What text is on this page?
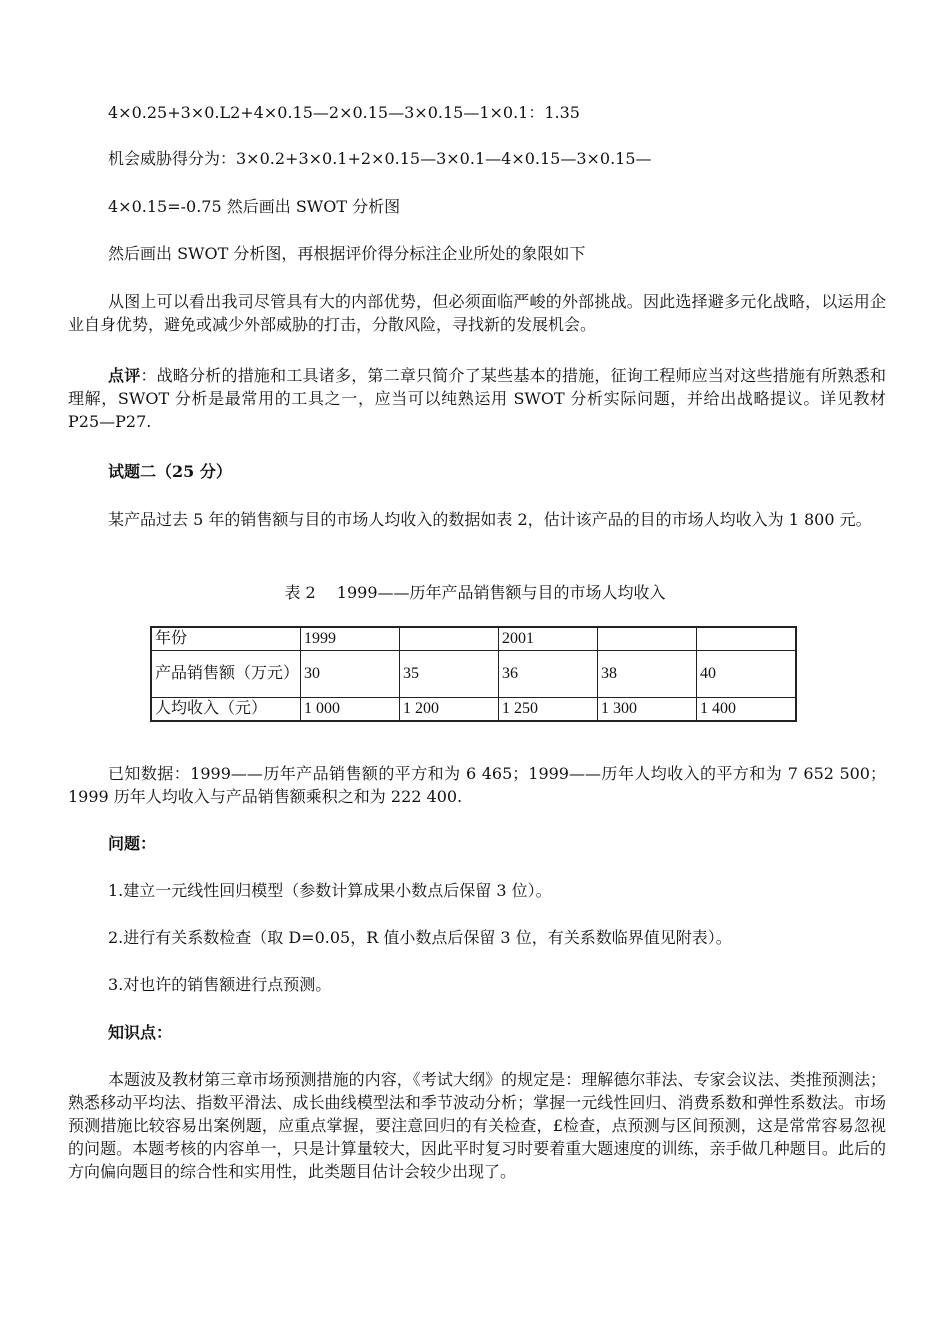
4×0.25+3×0.L2+4×0.15—2×0.15—3×0.15—1×0.1：1.35
机会威胁得分为：3×0.2+3×0.1+2×0.15—3×0.1—4×0.15—3×0.15—
4×0.15=-0.75 然后画出 SWOT 分析图
然后画出 SWOT 分析图，再根据评价得分标注企业所处的象限如下
从图上可以看出我司尽管具有大的内部优势，但必须面临严峻的外部挑战。因此选择避多元化战略，以运用企业自身优势，避免或减少外部威胁的打击，分散风险，寻找新的发展机会。
点评：战略分析的措施和工具诸多，第二章只简介了某些基本的措施，征询工程师应当对这些措施有所熟悉和理解，SWOT 分析是最常用的工具之一，应当可以纯熟运用 SWOT 分析实际问题，并给出战略提议。详见教材 P25—P27.
试题二（25 分）
某产品过去 5 年的销售额与目的市场人均收入的数据如表 2，估计该产品的目的市场人均收入为 1 800 元。
表 2　 1999——历年产品销售额与目的市场人均收入
年份	1999		2001		
产品销售额（万元）	30	35	36	38	40
人均收入（元）	1 000	1 200	1 250	1 300	1 400
已知数据：1999——历年产品销售额的平方和为 6 465；1999——历年人均收入的平方和为 7 652 500；1999 历年人均收入与产品销售额乘积之和为 222 400.
问题：
1.建立一元线性回归模型（参数计算成果小数点后保留 3 位）。
2.进行有关系数检查（取 D=0.05，R 值小数点后保留 3 位，有关系数临界值见附表）。
3.对也许的销售额进行点预测。
知识点：
本题波及教材第三章市场预测措施的内容，《考试大纲》的规定是：理解德尔菲法、专家会议法、类推预测法；熟悉移动平均法、指数平滑法、成长曲线模型法和季节波动分析；掌握一元线性回归、消费系数和弹性系数法。市场预测措施比较容易出案例题，应重点掌握，要注意回归的有关检查，£检查，点预测与区间预测，这是常常容易忽视的问题。本题考核的内容单一，只是计算量较大，因此平时复习时要着重大题速度的训练，亲手做几种题目。此后的方向偏向题目的综合性和实用性，此类题目估计会较少出现了。
